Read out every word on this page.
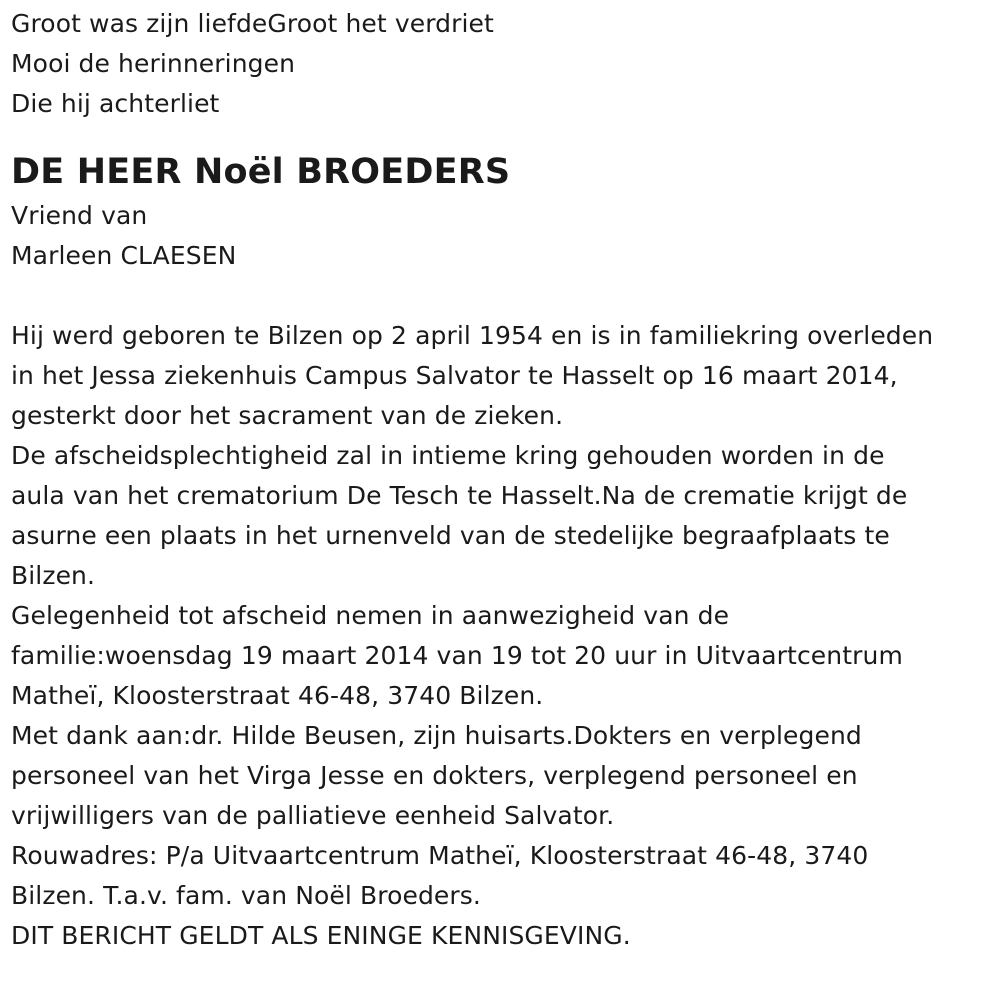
Groot was zijn liefdeGroot het verdriet
Mooi de herinneringen
Die hij achterliet
DE HEER Noël BROEDERS
Vriend van
Marleen CLAESEN
Hij werd geboren te Bilzen op 2 april 1954 en is in familiekring overleden
in het Jessa ziekenhuis Campus Salvator te Hasselt op 16 maart 2014,
gesterkt door het sacrament van de zieken.
De afscheidsplechtigheid zal in intieme kring gehouden worden in de
aula van het crematorium De Tesch te Hasselt.Na de crematie krijgt de
asurne een plaats in het urnenveld van de stedelijke begraafplaats te
Bilzen.
Gelegenheid tot afscheid nemen in aanwezigheid van de
familie:woensdag 19 maart 2014 van 19 tot 20 uur in Uitvaartcentrum
Matheï, Kloosterstraat 46-48, 3740 Bilzen.
Met dank aan:dr. Hilde Beusen, zijn huisarts.Dokters en verplegend
personeel van het Virga Jesse en dokters, verplegend personeel en
vrijwilligers van de palliatieve eenheid Salvator.
Rouwadres: P/a Uitvaartcentrum Matheï, Kloosterstraat 46-48, 3740
Bilzen. T.a.v. fam. van Noël Broeders.
DIT BERICHT GELDT ALS ENINGE KENNISGEVING.
